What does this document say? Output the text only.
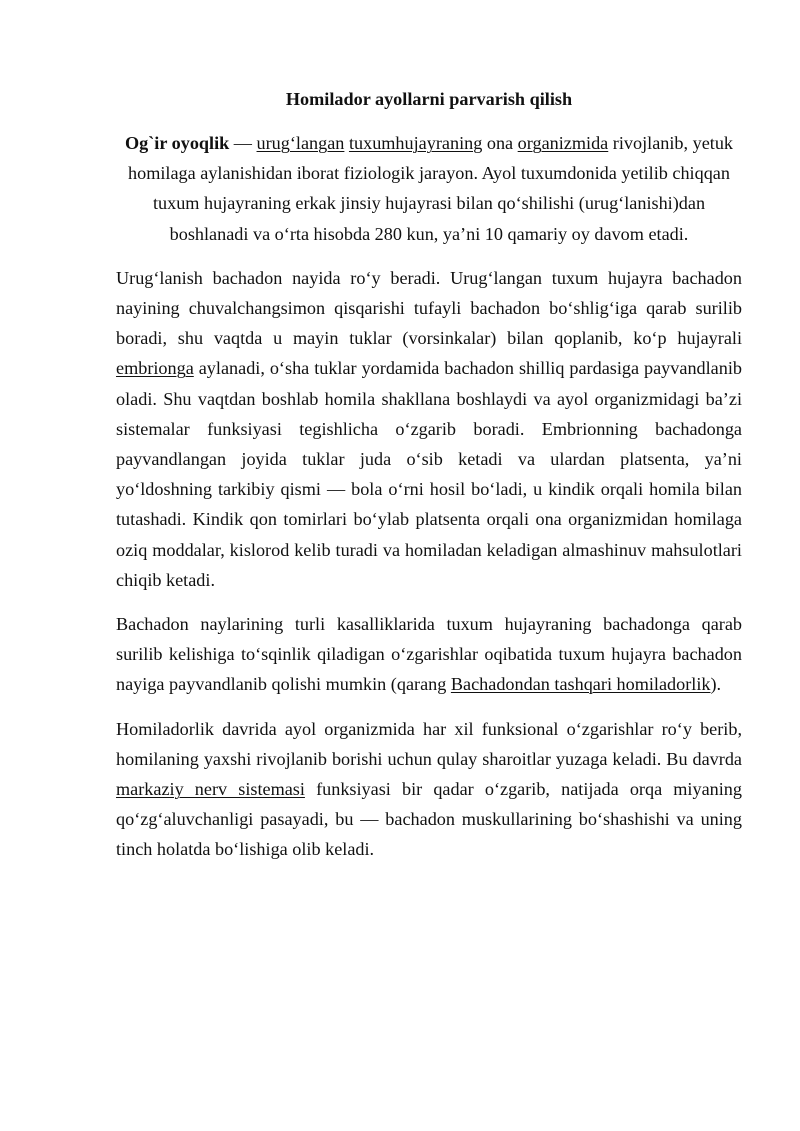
Homilador ayollarni parvarish qilish

Og`ir oyoqlik — urug‘langan tuxumhujayraning ona organizmida rivojlanib, yetuk homilaga aylanishidan iborat fiziologik jarayon. Ayol tuxumdonida yetilib chiqqan tuxum hujayraning erkak jinsiy hujayrasi bilan qo‘shilishi (urug‘lanishi)dan boshlanadi va o‘rta hisobda 280 kun, ya’ni 10 qamariy oy davom etadi.

Urug‘lanish bachadon nayida ro‘y beradi. Urug‘langan tuxum hujayra bachadon nayining chuvalchangsimon qisqarishi tufayli bachadon bo‘shlig‘iga qarab surilib boradi, shu vaqtda u mayin tuklar (vorsinkalar) bilan qoplanib, ko‘p hujayrali embrionga aylanadi, o‘sha tuklar yordamida bachadon shilliq pardasiga payvandlanib oladi. Shu vaqtdan boshlab homila shakllana boshlaydi va ayol organizmidagi ba’zi sistemalar funksiyasi tegishlicha o‘zgarib boradi. Embrionning bachadonga payvandlangan joyida tuklar juda o‘sib ketadi va ulardan platsenta, ya’ni yo‘ldoshning tarkibiy qismi — bola o‘rni hosil bo‘ladi, u kindik orqali homila bilan tutashadi. Kindik qon tomirlari bo‘ylab platsenta orqali ona organizmidan homilaga oziq moddalar, kislorod kelib turadi va homiladan keladigan almashinuv mahsulotlari chiqib ketadi.

Bachadon naylarining turli kasalliklarida tuxum hujayraning bachadonga qarab surilib kelishiga to‘sqinlik qiladigan o‘zgarishlar oqibatida tuxum hujayra bachadon nayiga payvandlanib qolishi mumkin (qarang Bachadondan tashqari homiladorlik).

Homiladorlik davrida ayol organizmida har xil funksional o‘zgarishlar ro‘y berib, homilaning yaxshi rivojlanib borishi uchun qulay sharoitlar yuzaga keladi. Bu davrda markaziy nerv sistemasi funksiyasi bir qadar o‘zgarib, natijada orqa miyaning qo‘zg‘aluvchanligi pasayadi, bu — bachadon muskullarining bo‘shashishi va uning tinch holatda bo‘lishiga olib keladi.
